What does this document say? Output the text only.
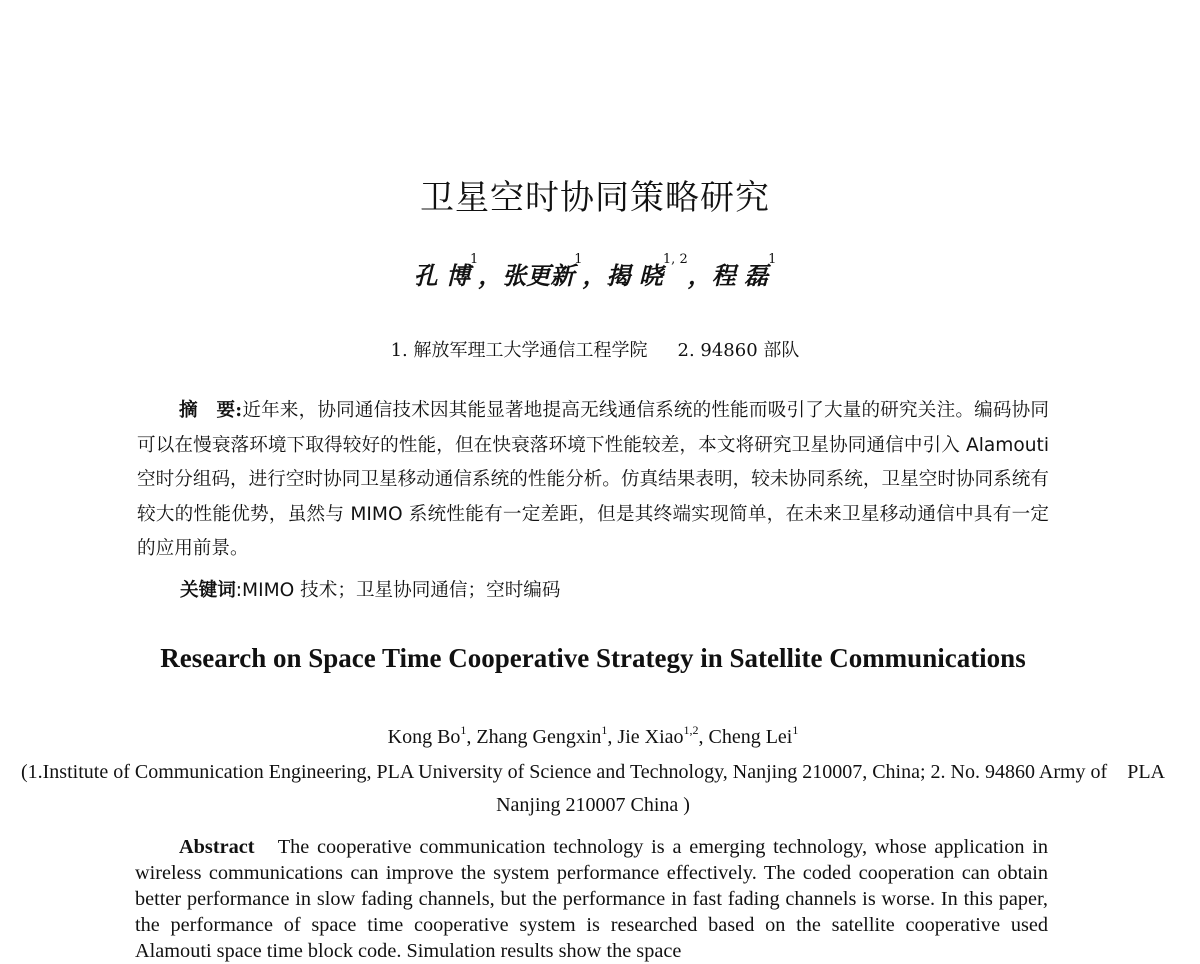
卫星空时协同策略研究
孔 博$^1$，张更新$^1$，揭 晓$^{1, 2}$，程 磊$^1$
1. 解放军理工大学通信工程学院 2. 94860 部队

摘　要:近年来，协同通信技术因其能显著地提高无线通信系统的性能而吸引了大量的研究关注。编码协同可以在慢衰落环境下取得较好的性能，但在快衰落环境下性能较差，本文将研究卫星协同通信中引入 Alamouti 空时分组码，进行空时协同卫星移动通信系统的性能分析。仿真结果表明，较未协同系统，卫星空时协同系统有较大的性能优势，虽然与 MIMO 系统性能有一定差距，但是其终端实现简单，在未来卫星移动通信中具有一定的应用前景。

关键词:MIMO 技术；卫星协同通信；空时编码
Research on Space Time Cooperative Strategy in Satellite Communications
Kong Bo$^1$, Zhang Gengxin$^1$, Jie Xiao$^{1,2}$, Cheng Lei$^1$
(1.Institute of Communication Engineering, PLA University of Science and Technology, Nanjing 210007, China; 2. No. 94860 Army of    PLA Nanjing 210007 China )

Abstract The cooperative communication technology is a emerging technology, whose application in wireless communications can improve the system performance effectively. The coded cooperation can obtain better performance in slow fading channels, but the performance in fast fading channels is worse. In this paper, the performance of space time cooperative system is researched based on the satellite cooperative used Alamouti space time block code. Simulation results show the space
